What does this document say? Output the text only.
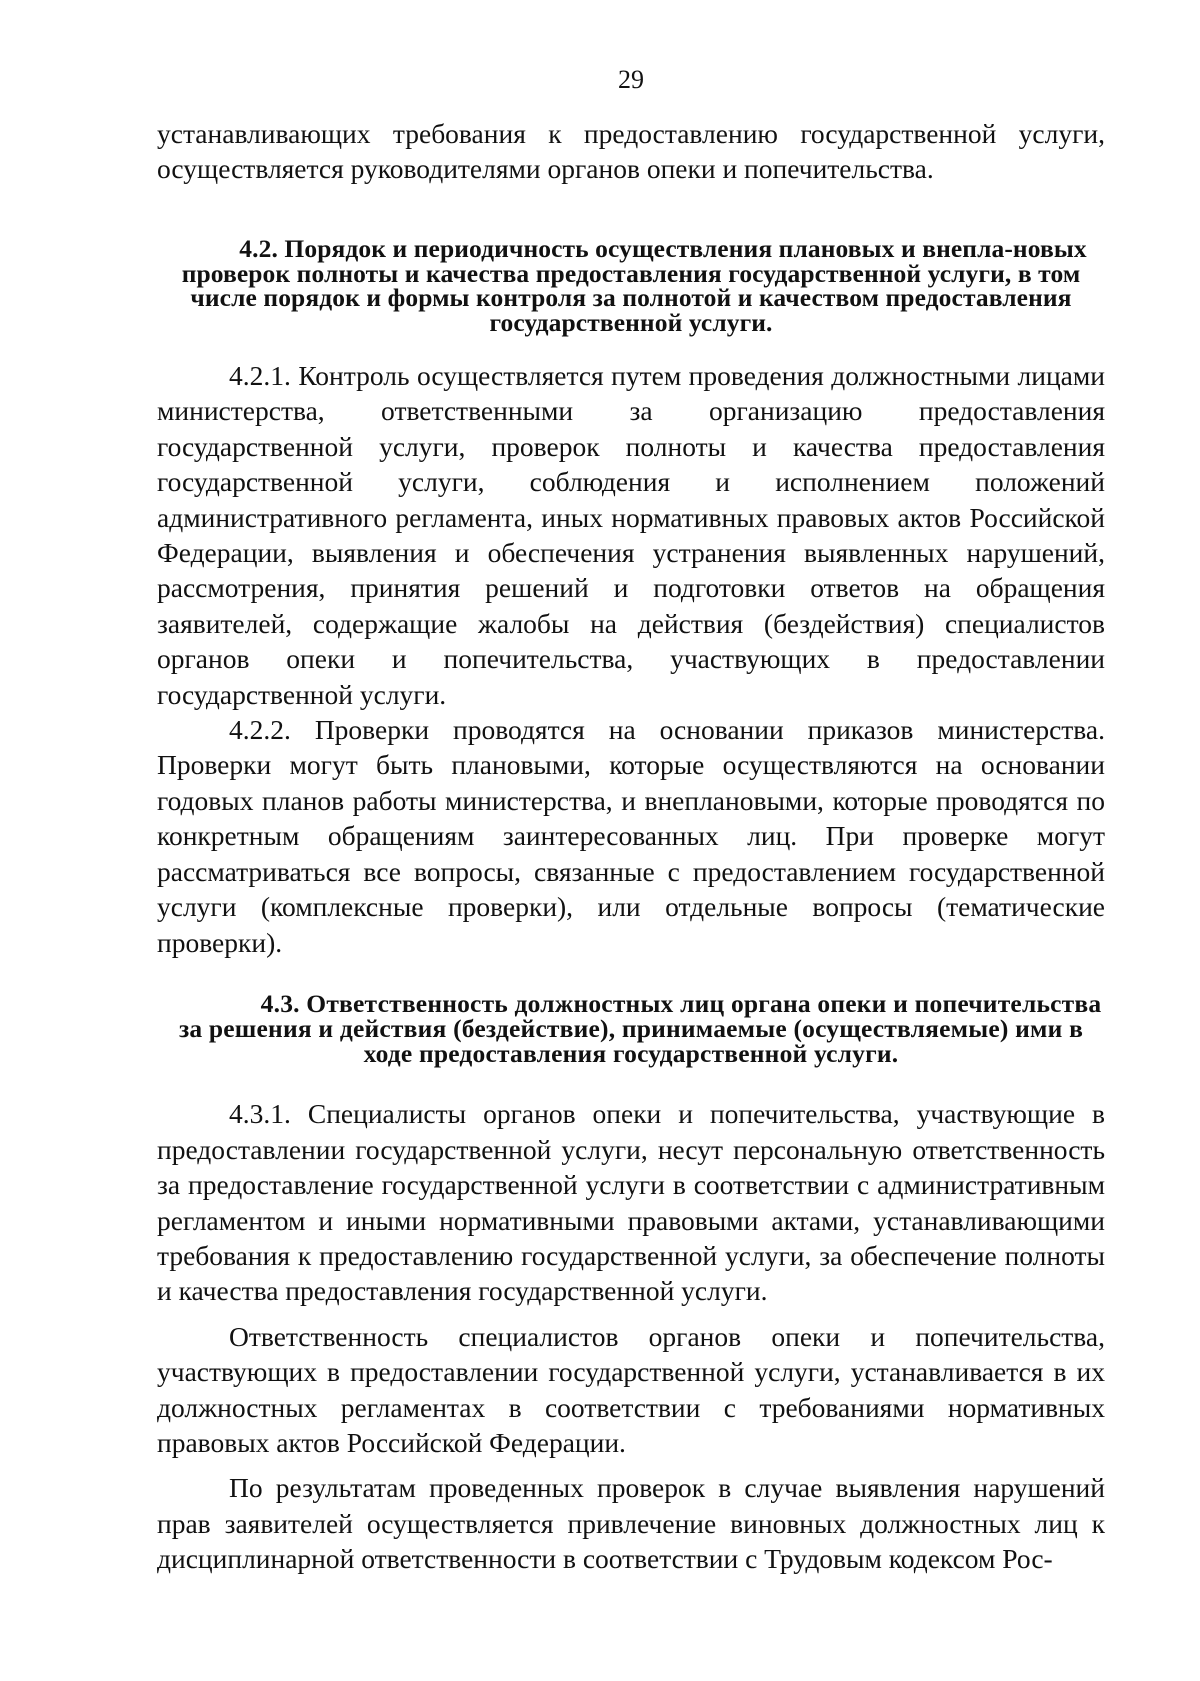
29

устанавливающих требования к предоставлению государственной услуги, осуществляется руководителями органов опеки и попечительства.

4.2. Порядок и периодичность осуществления плановых и внепла-новых проверок полноты и качества предоставления государственной услуги, в том числе порядок и формы контроля за полнотой и качеством предоставления государственной услуги.

4.2.1. Контроль осуществляется путем проведения должностными лицами министерства, ответственными за организацию предоставления государственной услуги, проверок полноты и качества предоставления государственной услуги, соблюдения и исполнением положений административного регламента, иных нормативных правовых актов Российской Федерации, выявления и обеспечения устранения выявленных нарушений, рассмотрения, принятия решений и подготовки ответов на обращения заявителей, содержащие жалобы на действия (бездействия) специалистов органов опеки и попечительства, участвующих в предоставлении государственной услуги.

4.2.2. Проверки проводятся на основании приказов министерства. Проверки могут быть плановыми, которые осуществляются на основании годовых планов работы министерства, и внеплановыми, которые проводятся по конкретным обращениям заинтересованных лиц. При проверке могут рассматриваться все вопросы, связанные с предоставлением государственной услуги (комплексные проверки), или отдельные вопросы (тематические проверки).

4.3. Ответственность должностных лиц органа опеки и попечительства за решения и действия (бездействие), принимаемые (осуществляемые) ими в ходе предоставления государственной услуги.

4.3.1. Специалисты органов опеки и попечительства, участвующие в предоставлении государственной услуги, несут персональную ответственность за предоставление государственной услуги в соответствии с административным регламентом и иными нормативными правовыми актами, устанавливающими требования к предоставлению государственной услуги, за обеспечение полноты и качества предоставления государственной услуги.

Ответственность специалистов органов опеки и попечительства, участвующих в предоставлении государственной услуги, устанавливается в их должностных регламентах в соответствии с требованиями нормативных правовых актов Российской Федерации.

По результатам проведенных проверок в случае выявления нарушений прав заявителей осуществляется привлечение виновных должностных лиц к дисциплинарной ответственности в соответствии с Трудовым кодексом Рос-
